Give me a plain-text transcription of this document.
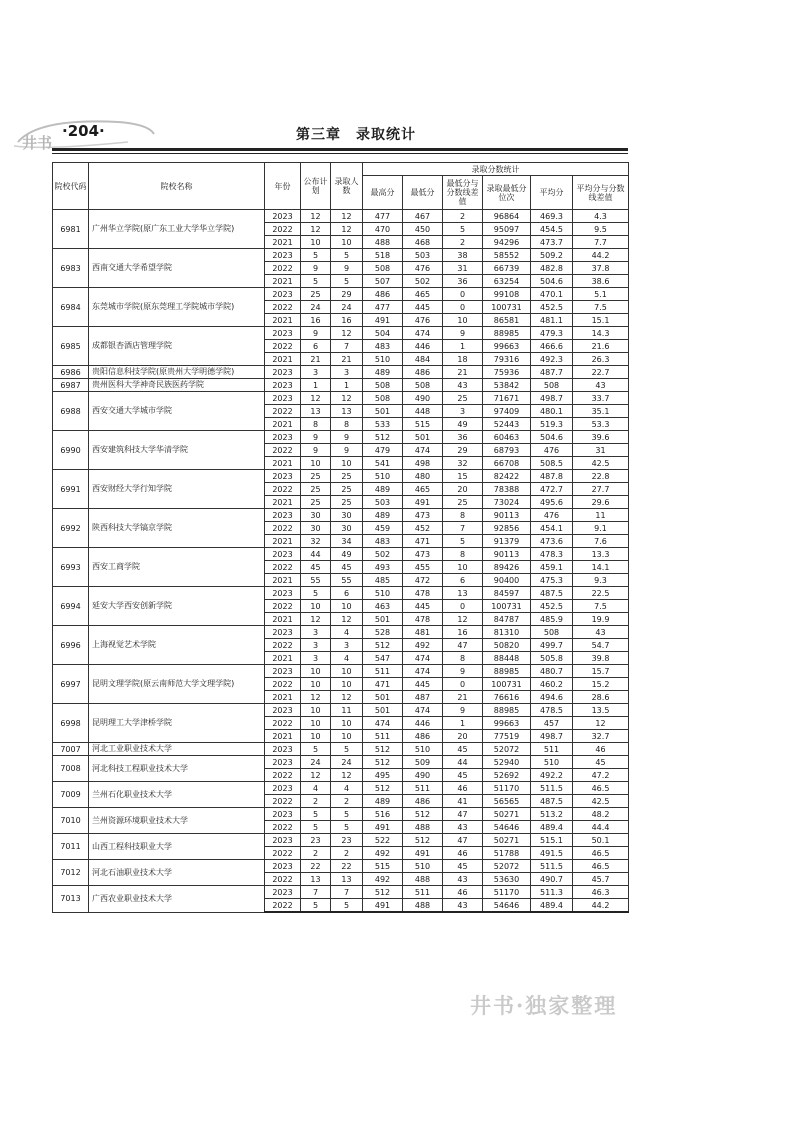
井书
·204·	第三章　录取统计
院校代码	院校名称	年份	公布计划	录取人数	录取分数统计					
					最高分	最低分	最低分与分数线差值	录取最低分位次	平均分	平均分与分数线差值
6981	广州华立学院(原广东工业大学华立学院)	2023	12	12	477	467	2	96864	469.3	4.3
		2022	12	12	470	450	5	95097	454.5	9.5
		2021	10	10	488	468	2	94296	473.7	7.7
6983	西南交通大学希望学院	2023	5	5	518	503	38	58552	509.2	44.2
		2022	9	9	508	476	31	66739	482.8	37.8
		2021	5	5	507	502	36	63254	504.6	38.6
6984	东莞城市学院(原东莞理工学院城市学院)	2023	25	29	486	465	0	99108	470.1	5.1
		2022	24	24	477	445	0	100731	452.5	7.5
		2021	16	16	491	476	10	86581	481.1	15.1
6985	成都银杏酒店管理学院	2023	9	12	504	474	9	88985	479.3	14.3
		2022	6	7	483	446	1	99663	466.6	21.6
		2021	21	21	510	484	18	79316	492.3	26.3
6986	贵阳信息科技学院(原贵州大学明德学院)	2023	3	3	489	486	21	75936	487.7	22.7
6987	贵州医科大学神奇民族医药学院	2023	1	1	508	508	43	53842	508	43
6988	西安交通大学城市学院	2023	12	12	508	490	25	71671	498.7	33.7
		2022	13	13	501	448	3	97409	480.1	35.1
		2021	8	8	533	515	49	52443	519.3	53.3
6990	西安建筑科技大学华清学院	2023	9	9	512	501	36	60463	504.6	39.6
		2022	9	9	479	474	29	68793	476	31
		2021	10	10	541	498	32	66708	508.5	42.5
6991	西安财经大学行知学院	2023	25	25	510	480	15	82422	487.8	22.8
		2022	25	25	489	465	20	78388	472.7	27.7
		2021	25	25	503	491	25	73024	495.6	29.6
6992	陕西科技大学镐京学院	2023	30	30	489	473	8	90113	476	11
		2022	30	30	459	452	7	92856	454.1	9.1
		2021	32	34	483	471	5	91379	473.6	7.6
6993	西安工商学院	2023	44	49	502	473	8	90113	478.3	13.3
		2022	45	45	493	455	10	89426	459.1	14.1
		2021	55	55	485	472	6	90400	475.3	9.3
6994	延安大学西安创新学院	2023	5	6	510	478	13	84597	487.5	22.5
		2022	10	10	463	445	0	100731	452.5	7.5
		2021	12	12	501	478	12	84787	485.9	19.9
6996	上海视觉艺术学院	2023	3	4	528	481	16	81310	508	43
		2022	3	3	512	492	47	50820	499.7	54.7
		2021	3	4	547	474	8	88448	505.8	39.8
6997	昆明文理学院(原云南师范大学文理学院)	2023	10	10	511	474	9	88985	480.7	15.7
		2022	10	10	471	445	0	100731	460.2	15.2
		2021	12	12	501	487	21	76616	494.6	28.6
6998	昆明理工大学津桥学院	2023	10	11	501	474	9	88985	478.5	13.5
		2022	10	10	474	446	1	99663	457	12
		2021	10	10	511	486	20	77519	498.7	32.7
7007	河北工业职业技术大学	2023	5	5	512	510	45	52072	511	46
7008	河北科技工程职业技术大学	2023	24	24	512	509	44	52940	510	45
		2022	12	12	495	490	45	52692	492.2	47.2
7009	兰州石化职业技术大学	2023	4	4	512	511	46	51170	511.5	46.5
		2022	2	2	489	486	41	56565	487.5	42.5
7010	兰州资源环境职业技术大学	2023	5	5	516	512	47	50271	513.2	48.2
		2022	5	5	491	488	43	54646	489.4	44.4
7011	山西工程科技职业大学	2023	23	23	522	512	47	50271	515.1	50.1
		2022	2	2	492	491	46	51788	491.5	46.5
7012	河北石油职业技术大学	2023	22	22	515	510	45	52072	511.5	46.5
		2022	13	13	492	488	43	53630	490.7	45.7
7013	广西农业职业技术大学	2023	7	7	512	511	46	51170	511.3	46.3
		2022	5	5	491	488	43	54646	489.4	44.2
井书·独家整理
